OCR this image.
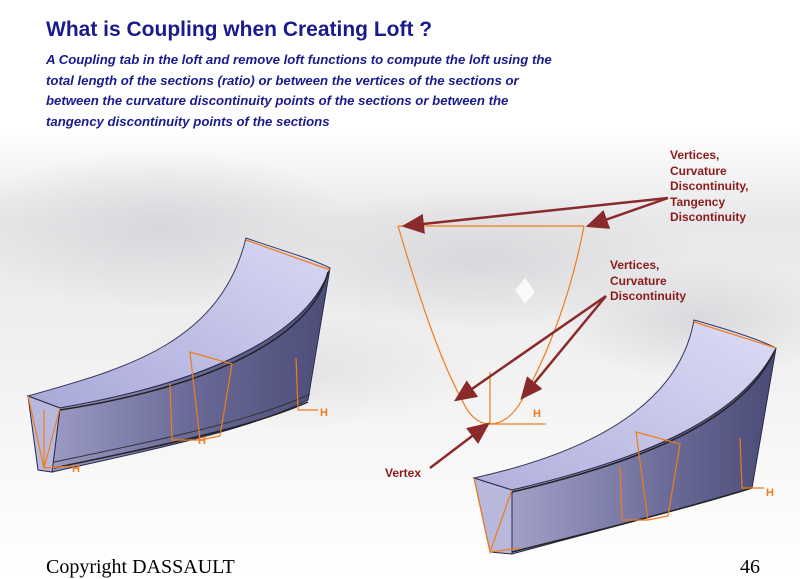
H
H
H
H
H
What is Coupling when Creating Loft ?
A Coupling tab in the loft and remove loft functions to compute the loft using the
total length of the sections (ratio) or between the vertices of the sections or
between the curvature discontinuity points of the sections or between the
tangency discontinuity points of the sections
Vertices,
Curvature
Discontinuity,
Tangency
Discontinuity
Vertices,
Curvature
Discontinuity
Vertex
Copyright DASSAULT	46
